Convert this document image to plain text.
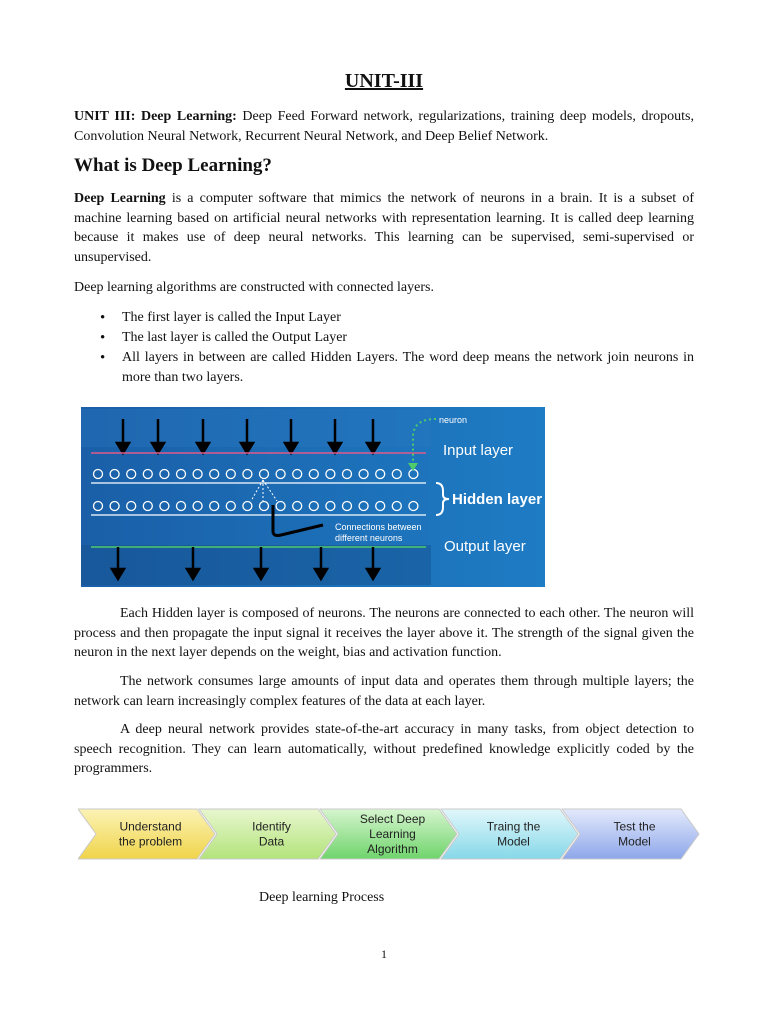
UNIT-III

UNIT III: Deep Learning: Deep Feed Forward network, regularizations, training deep models, dropouts, Convolution Neural Network, Recurrent Neural Network, and Deep Belief Network.

What is Deep Learning?

Deep Learning is a computer software that mimics the network of neurons in a brain. It is a subset of machine learning based on artificial neural networks with representation learning. It is called deep learning because it makes use of deep neural networks. This learning can be supervised, semi-supervised or unsupervised.

Deep learning algorithms are constructed with connected layers.

• The first layer is called the Input Layer
• The last layer is called the Output Layer
• All layers in between are called Hidden Layers. The word deep means the network join neurons in more than two layers.
neuron
Input layer
Hidden layer
Connections between
different neurons	Output layer

Each Hidden layer is composed of neurons. The neurons are connected to each other. The neuron will process and then propagate the input signal it receives the layer above it. The strength of the signal given the neuron in the next layer depends on the weight, bias and activation function.

The network consumes large amounts of input data and operates them through multiple layers; the network can learn increasingly complex features of the data at each layer.

A deep neural network provides state-of-the-art accuracy in many tasks, from object detection to speech recognition. They can learn automatically, without predefined knowledge explicitly coded by the programmers.

Understand
the problem
Identify
Data
Select Deep
Learning
Algorithm
Traing the
Model
Test the
Model
Deep learning Process
1
